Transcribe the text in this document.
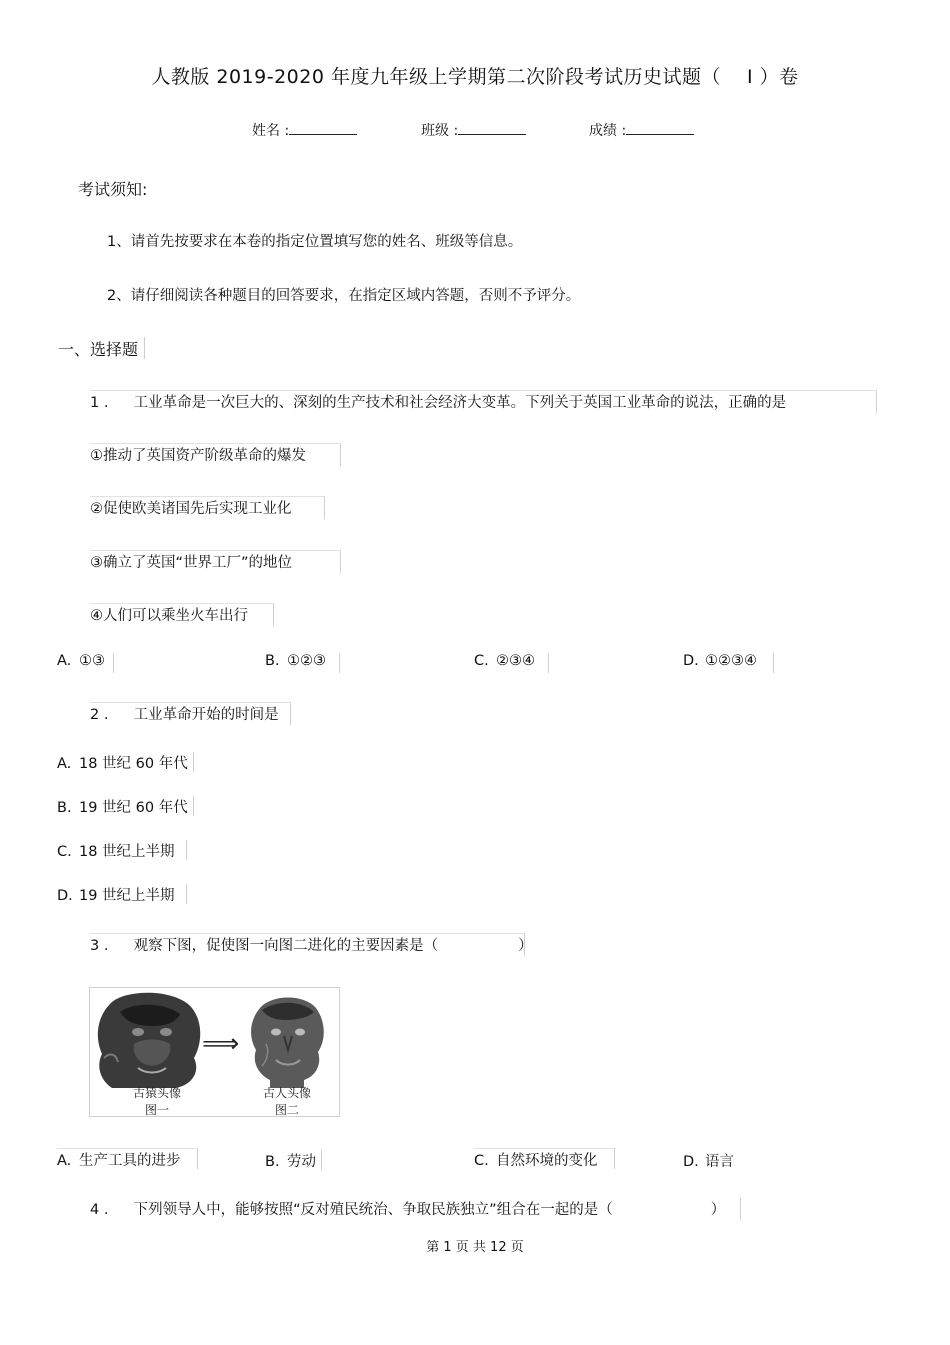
人教版 2019-2020 年度九年级上学期第二次阶段考试历史试题（　 I ）卷
姓名 :	班级 :	成绩 :
考试须知:
1、请首先按要求在本卷的指定位置填写您的姓名、班级等信息。
2、请仔细阅读各种题目的回答要求，在指定区域内答题，否则不予评分。
一、选择题
1 . 工业革命是一次巨大的、深刻的生产技术和社会经济大变革。下列关于英国工业革命的说法，正确的是
①推动了英国资产阶级革命的爆发
②促使欧美诸国先后实现工业化
③确立了英国“世界工厂”的地位
④人们可以乘坐火车出行
A. ①③	B. ①②③	C. ②③④	D. ①②③④
2 . 工业革命开始的时间是
A. 18 世纪 60 年代
B. 19 世纪 60 年代
C. 18 世纪上半期
D. 19 世纪上半期
3 . 观察下图，促使图一向图二进化的主要因素是（	）
⟹
古猿头像
图一
古人头像
图二
A. 生产工具的进步	B. 劳动	C. 自然环境的变化	D. 语言
4 . 下列领导人中，能够按照“反对殖民统治、争取民族独立”组合在一起的是（	）
第 1 页 共 12 页
